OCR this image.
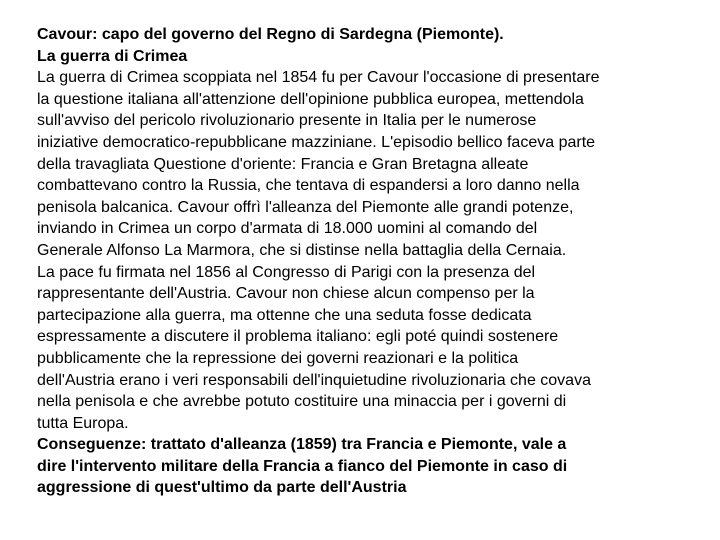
Cavour: capo del governo del Regno di Sardegna (Piemonte).
La guerra di Crimea
La guerra di Crimea scoppiata nel 1854 fu per Cavour l'occasione di presentare
la questione italiana all'attenzione dell'opinione pubblica europea, mettendola
sull'avviso del pericolo rivoluzionario presente in Italia per le numerose
iniziative democratico-repubblicane mazziniane. L'episodio bellico faceva parte
della travagliata Questione d'oriente: Francia e Gran Bretagna alleate
combattevano contro la Russia, che tentava di espandersi a loro danno nella
penisola balcanica. Cavour offrì l'alleanza del Piemonte alle grandi potenze,
inviando in Crimea un corpo d'armata di 18.000 uomini al comando del
Generale Alfonso La Marmora, che si distinse nella battaglia della Cernaia.
La pace fu firmata nel 1856 al Congresso di Parigi con la presenza del
rappresentante dell'Austria. Cavour non chiese alcun compenso per la
partecipazione alla guerra, ma ottenne che una seduta fosse dedicata
espressamente a discutere il problema italiano: egli poté quindi sostenere
pubblicamente che la repressione dei governi reazionari e la politica
dell'Austria erano i veri responsabili dell'inquietudine rivoluzionaria che covava
nella penisola e che avrebbe potuto costituire una minaccia per i governi di
tutta Europa.
Conseguenze: trattato d'alleanza (1859) tra Francia e Piemonte, vale a
dire l'intervento militare della Francia a fianco del Piemonte in caso di
aggressione di quest'ultimo da parte dell'Austria
